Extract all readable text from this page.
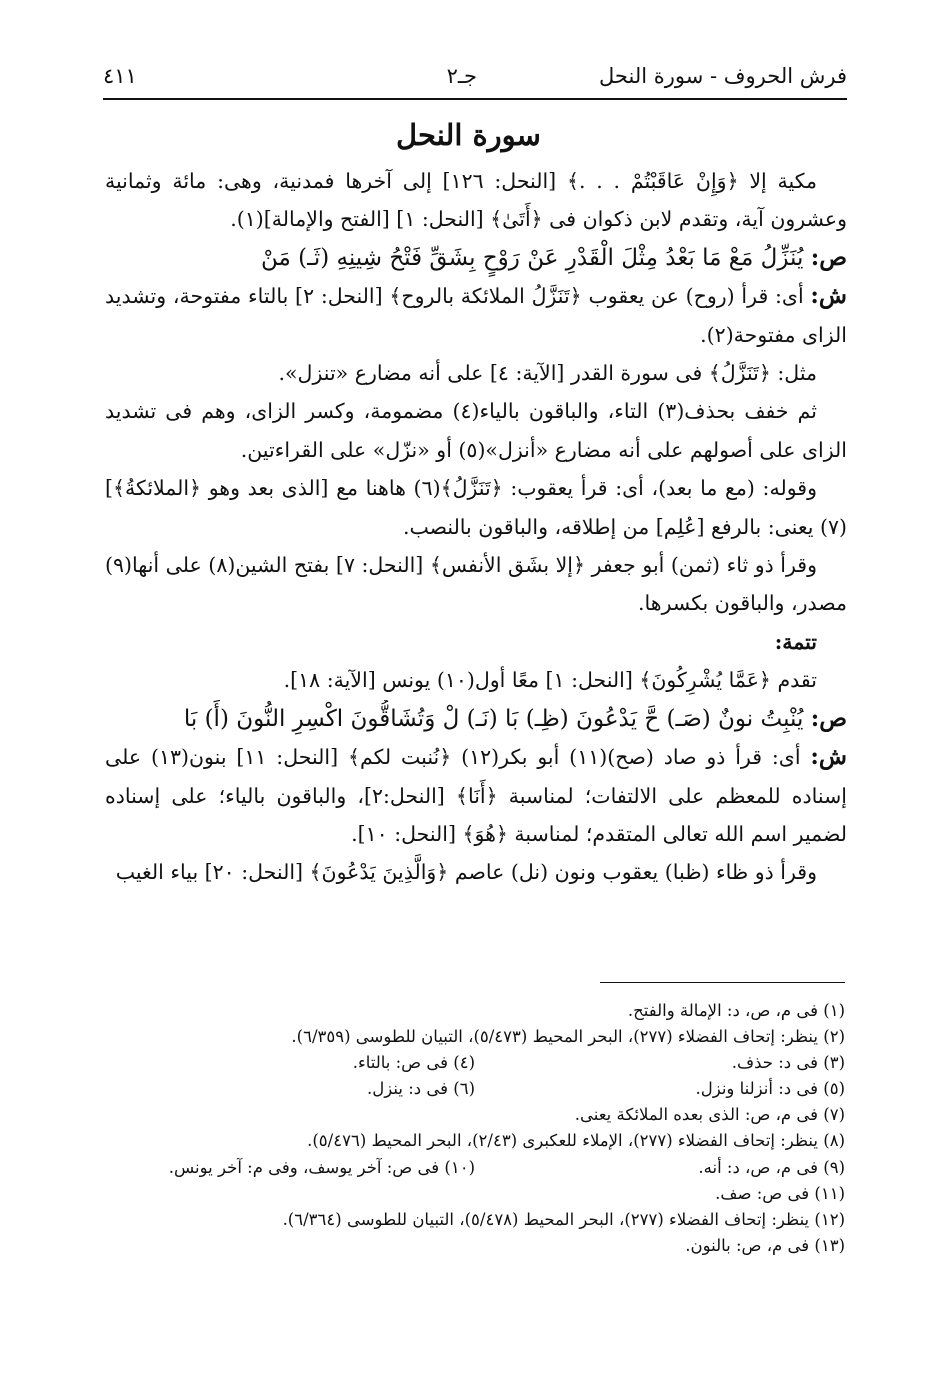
فرش الحروف - سورة النحل
جـ٢
٤١١
سورة النحل

مكية إلا ﴿وَإِنْ عَاقَبْتُمْ . . .﴾ [النحل: ١٢٦] إلى آخرها فمدنية، وهى: مائة وثمانية وعشرون آية، وتقدم لابن ذكوان فى ﴿أَتَىٰ﴾ [النحل: ١] [الفتح والإمالة](١).

ص: يُنَزِّلُ مَعْ مَا بَعْدُ مِثْلَ الْقَدْرِ عَنْ رَوْحٍ بِشَقِّ فَتْحُ شِينِهِ (ثَـ) مَنْ

ش: أى: قرأ (روح) عن يعقوب ﴿تَنَزَّلُ الملائكة بالروح﴾ [النحل: ٢] بالتاء مفتوحة، وتشديد الزاى مفتوحة(٢).

مثل: ﴿تَنَزَّلُ﴾ فى سورة القدر [الآية: ٤] على أنه مضارع «تنزل».

ثم خفف بحذف(٣) التاء، والباقون بالياء(٤) مضمومة، وكسر الزاى، وهم فى تشديد الزاى على أصولهم على أنه مضارع «أنزل»(٥) أو «نزّل» على القراءتين.

وقوله: (مع ما بعد)، أى: قرأ يعقوب: ﴿تَنَزَّلُ﴾(٦) هاهنا مع [الذى بعد وهو ﴿الملائكةُ﴾](٧) يعنى: بالرفع [عُلِم] من إطلاقه، والباقون بالنصب.

وقرأ ذو ثاء (ثمن) أبو جعفر ﴿إلا بشَق الأنفس﴾ [النحل: ٧] بفتح الشين(٨) على أنها(٩) مصدر، والباقون بكسرها.

تتمة:

تقدم ﴿عَمَّا يُشْرِكُونَ﴾ [النحل: ١] معًا أول(١٠) يونس [الآية: ١٨].

ص: يُنْبِتُ نونٌ (صَـ) حَّ يَدْعُونَ (ظِـ) بَا (نَـ) لْ وَتُشَاقُّونَ اكْسِرِ النُّونَ (أَ) بَا

ش: أى: قرأ ذو صاد (صح)(١١) أبو بكر(١٢) ﴿نُنبت لكم﴾ [النحل: ١١] بنون(١٣) على إسناده للمعظم على الالتفات؛ لمناسبة ﴿أَنَا﴾ [النحل:٢]، والباقون بالياء؛ على إسناده لضمير اسم الله تعالى المتقدم؛ لمناسبة ﴿هُوَ﴾ [النحل: ١٠].

وقرأ ذو ظاء (ظبا) يعقوب ونون (نل) عاصم ﴿وَالَّذِينَ يَدْعُونَ﴾ [النحل: ٢٠] بياء الغيب

(١) فى م، ص، د: الإمالة والفتح.
(٢) ينظر: إتحاف الفضلاء (٢٧٧)، البحر المحيط (٥/٤٧٣)، التبيان للطوسى (٦/٣٥٩).
(٣) فى د: حذف.
(٤) فى ص: بالتاء.
(٥) فى د: أنزلنا ونزل.
(٦) فى د: ينزل.
(٧) فى م، ص: الذى بعده الملائكة يعنى.
(٨) ينظر: إتحاف الفضلاء (٢٧٧)، الإملاء للعكبرى (٢/٤٣)، البحر المحيط (٥/٤٧٦).
(٩) فى م، ص، د: أنه.
(١٠) فى ص: آخر يوسف، وفى م: آخر يونس.
(١١) فى ص: صف.
(١٢) ينظر: إتحاف الفضلاء (٢٧٧)، البحر المحيط (٥/٤٧٨)، التبيان للطوسى (٦/٣٦٤).
(١٣) فى م، ص: بالنون.
